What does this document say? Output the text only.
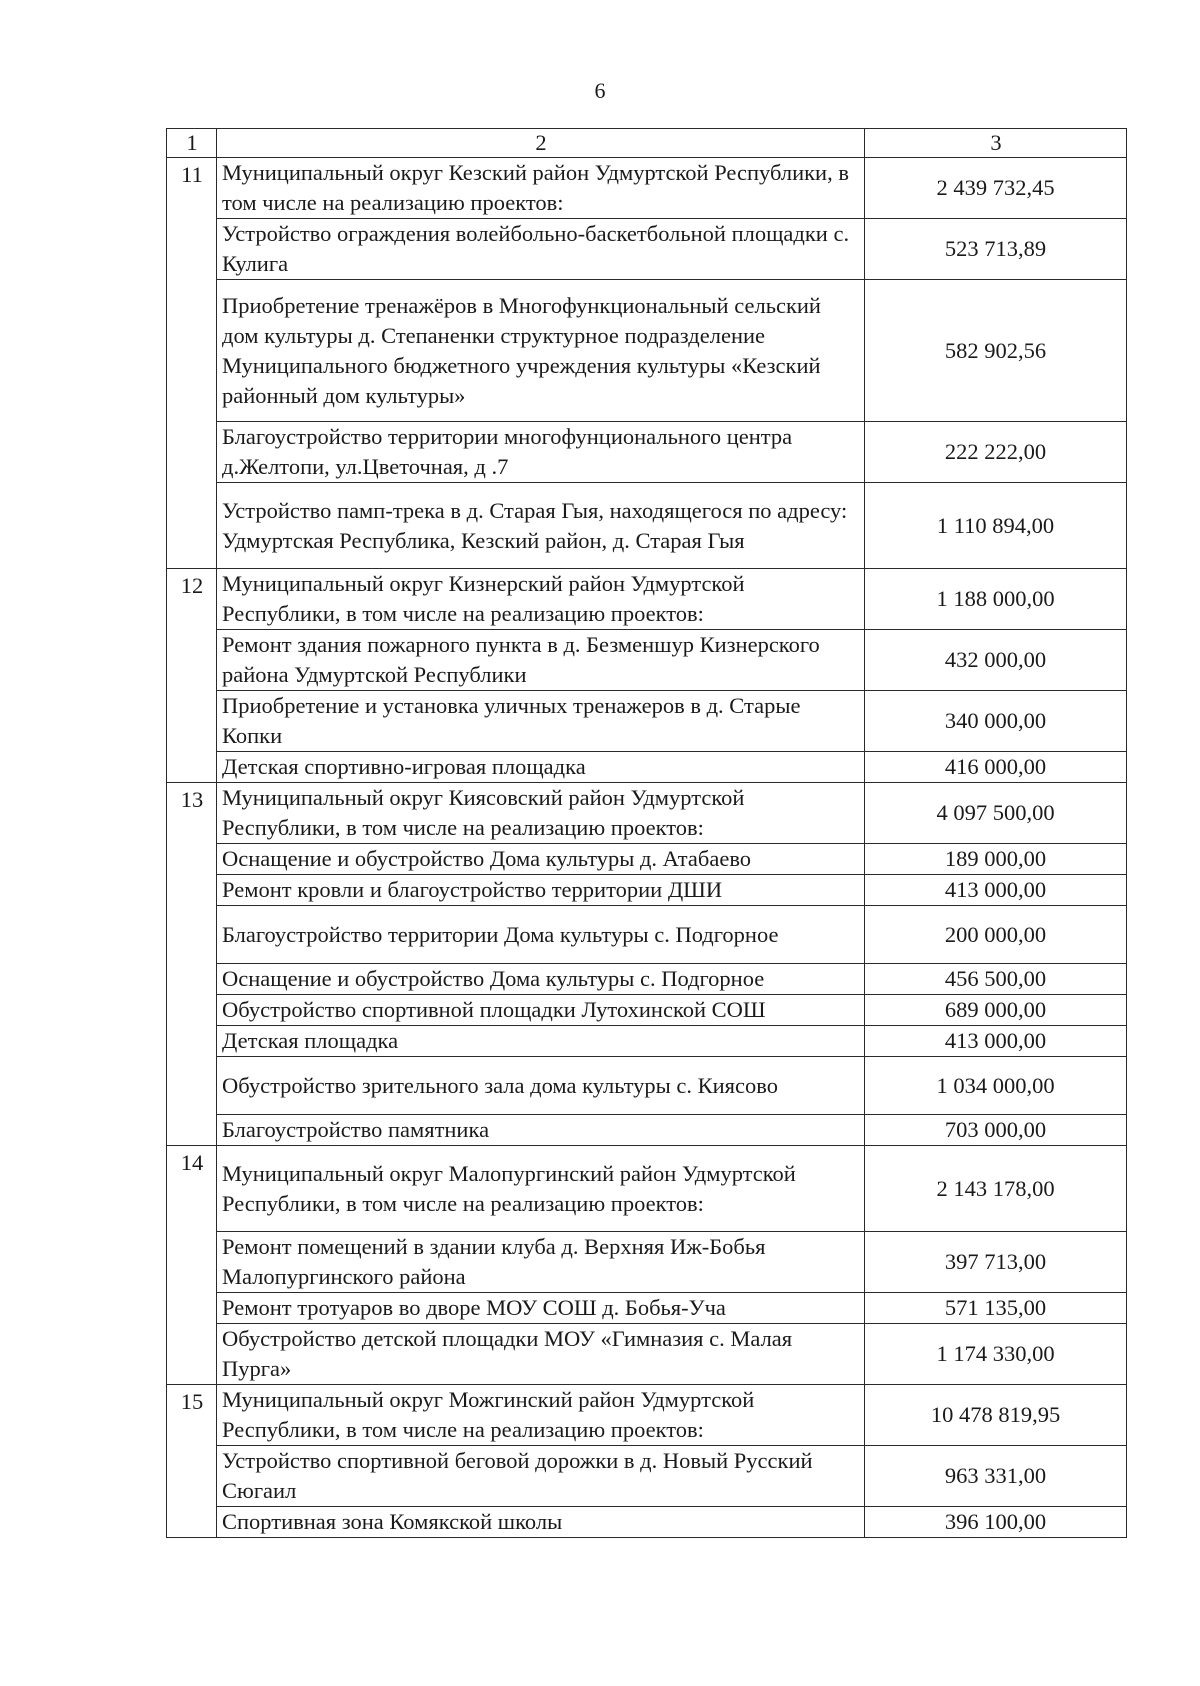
6
1	2	3
11	Муниципальный округ Кезский район Удмуртской Республики, в том числе на реализацию проектов:	2 439 732,45
	Устройство ограждения волейбольно-баскетбольной площадки с. Кулига	523 713,89
	Приобретение тренажёров в Многофункциональный сельский дом культуры д. Степаненки структурное подразделение Муниципального бюджетного учреждения культуры «Кезский районный дом культуры»	582 902,56
	Благоустройство территории многофунционального центра д.Желтопи, ул.Цветочная, д .7	222 222,00
	Устройство памп-трека в д. Старая Гыя, находящегося по адресу: Удмуртская Республика, Кезский район, д. Старая Гыя	1 110 894,00
12	Муниципальный округ Кизнерский район Удмуртской Республики, в том числе на реализацию проектов:	1 188 000,00
	Ремонт здания пожарного пункта в д. Безменшур Кизнерского района Удмуртской Республики	432 000,00
	Приобретение и установка уличных тренажеров в д. Старые Копки	340 000,00
	Детская спортивно-игровая площадка	416 000,00
13	Муниципальный округ Киясовский район Удмуртской Республики, в том числе на реализацию проектов:	4 097 500,00
	Оснащение и обустройство Дома культуры д. Атабаево	189 000,00
	Ремонт кровли и благоустройство территории ДШИ	413 000,00
	Благоустройство территории Дома культуры с. Подгорное	200 000,00
	Оснащение и обустройство Дома культуры с. Подгорное	456 500,00
	Обустройство спортивной площадки Лутохинской СОШ	689 000,00
	Детская площадка	413 000,00
	Обустройство зрительного зала дома культуры с. Киясово	1 034 000,00
	Благоустройство памятника	703 000,00
14	Муниципальный округ Малопургинский район Удмуртской Республики, в том числе на реализацию проектов:	2 143 178,00
	Ремонт помещений в здании клуба д. Верхняя Иж-Бобья Малопургинского района	397 713,00
	Ремонт тротуаров во дворе МОУ СОШ д. Бобья-Уча	571 135,00
	Обустройство детской площадки МОУ «Гимназия с. Малая Пурга»	1 174 330,00
15	Муниципальный округ Можгинский район Удмуртской Республики, в том числе на реализацию проектов:	10 478 819,95
	Устройство спортивной беговой дорожки в д. Новый Русский Сюгаил	963 331,00
	Спортивная зона Комякской школы	396 100,00
